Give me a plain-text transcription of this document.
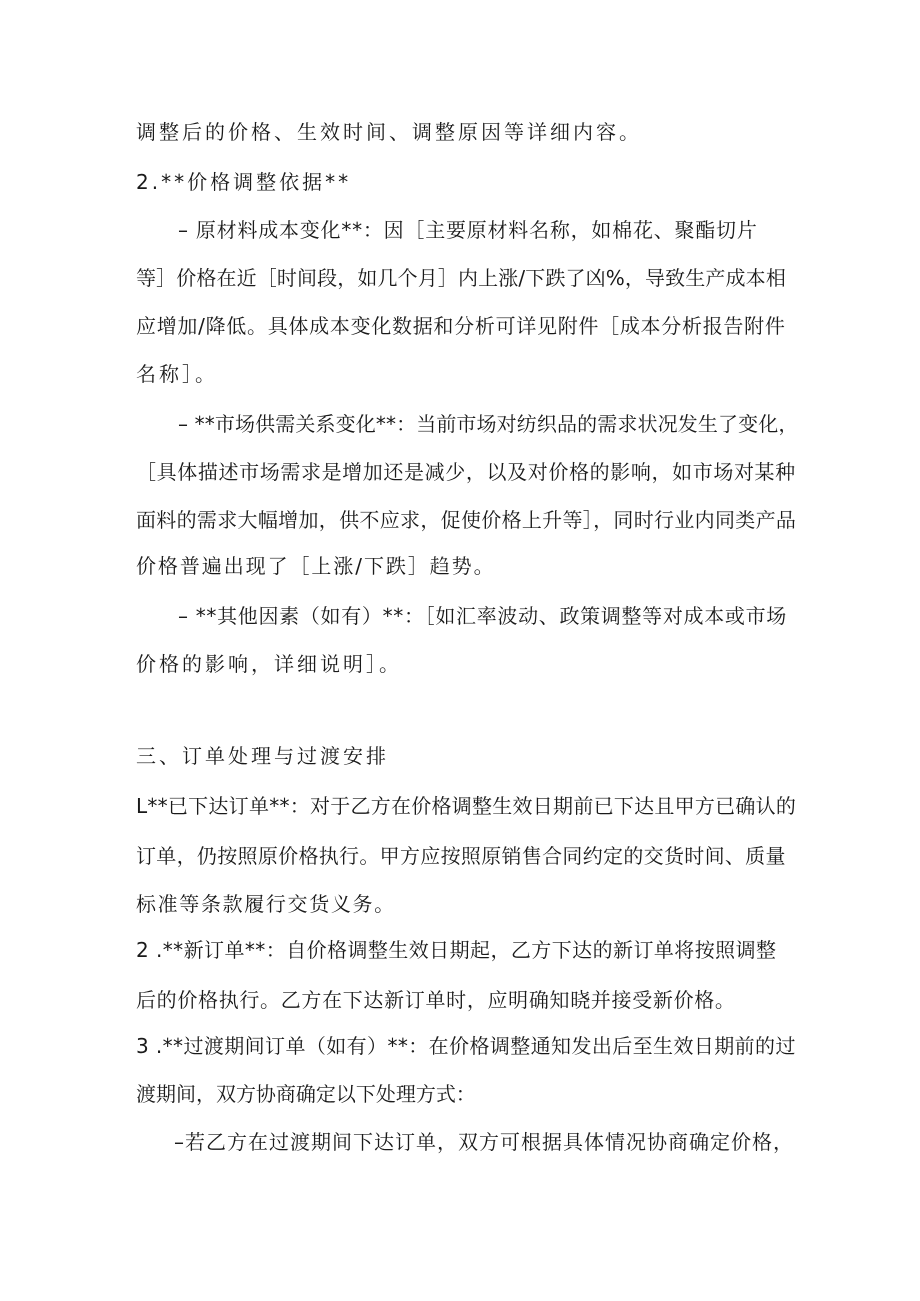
调整后的价格、生效时间、调整原因等详细内容。
2.**价格调整依据**
– 原材料成本变化**：因［主要原材料名称，如棉花、聚酯切片
等］价格在近［时间段，如几个月］内上涨/下跌了凶%，导致生产成本相
应增加/降低。具体成本变化数据和分析可详见附件［成本分析报告附件
名称］。
– **市场供需关系变化**：当前市场对纺织品的需求状况发生了变化，
［具体描述市场需求是增加还是减少，以及对价格的影响，如市场对某种
面料的需求大幅增加，供不应求，促使价格上升等］，同时行业内同类产品
价格普遍出现了［上涨/下跌］趋势。
– **其他因素（如有）**：［如汇率波动、政策调整等对成本或市场
价格的影响，详细说明］。
三、订单处理与过渡安排
L**已下达订单**：对于乙方在价格调整生效日期前已下达且甲方已确认的
订单，仍按照原价格执行。甲方应按照原销售合同约定的交货时间、质量
标准等条款履行交货义务。
2 .**新订单**：自价格调整生效日期起，乙方下达的新订单将按照调整
后的价格执行。乙方在下达新订单时，应明确知晓并接受新价格。
3 .**过渡期间订单（如有）**：在价格调整通知发出后至生效日期前的过
渡期间，双方协商确定以下处理方式：
–若乙方在过渡期间下达订单，双方可根据具体情况协商确定价格，
